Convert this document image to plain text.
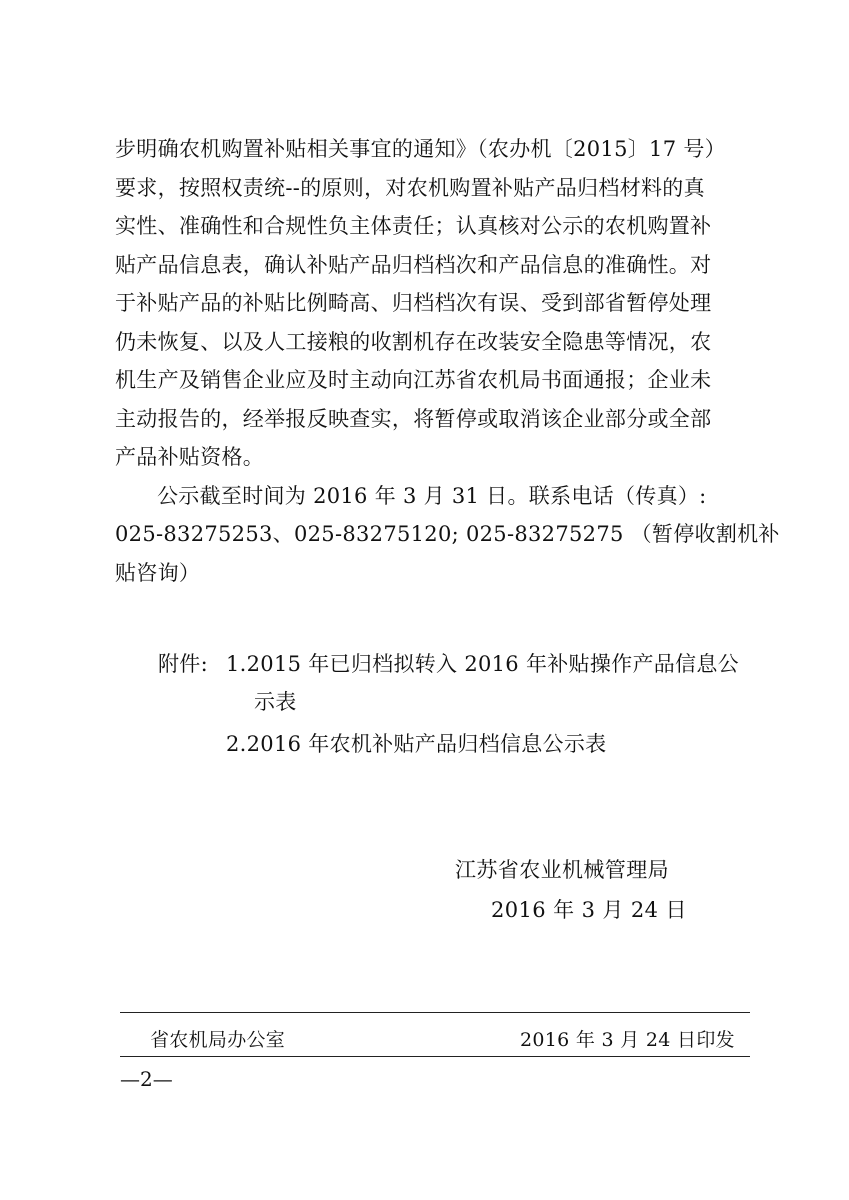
步明确农机购置补贴相关事宜的通知》（农办机〔2015〕17 号）
要求，按照权责统--的原则，对农机购置补贴产品归档材料的真
实性、准确性和合规性负主体责任；认真核对公示的农机购置补
贴产品信息表，确认补贴产品归档档次和产品信息的准确性。对
于补贴产品的补贴比例畸高、归档档次有误、受到部省暂停处理
仍未恢复、以及人工接粮的收割机存在改装安全隐患等情况，农
机生产及销售企业应及时主动向江苏省农机局书面通报；企业未
主动报告的，经举报反映查实，将暂停或取消该企业部分或全部
产品补贴资格。
公示截至时间为 2016 年 3 月 31 日。联系电话（传真）:
025-83275253、025-83275120; 025-83275275 （暂停收割机补
贴咨询）
附件: 1.2015 年已归档拟转入 2016 年补贴操作产品信息公
示表
2.2016 年农机补贴产品归档信息公示表
江苏省农业机械管理局
2016 年 3 月 24 日
省农机局办公室	2016 年 3 月 24 日印发
—2—
